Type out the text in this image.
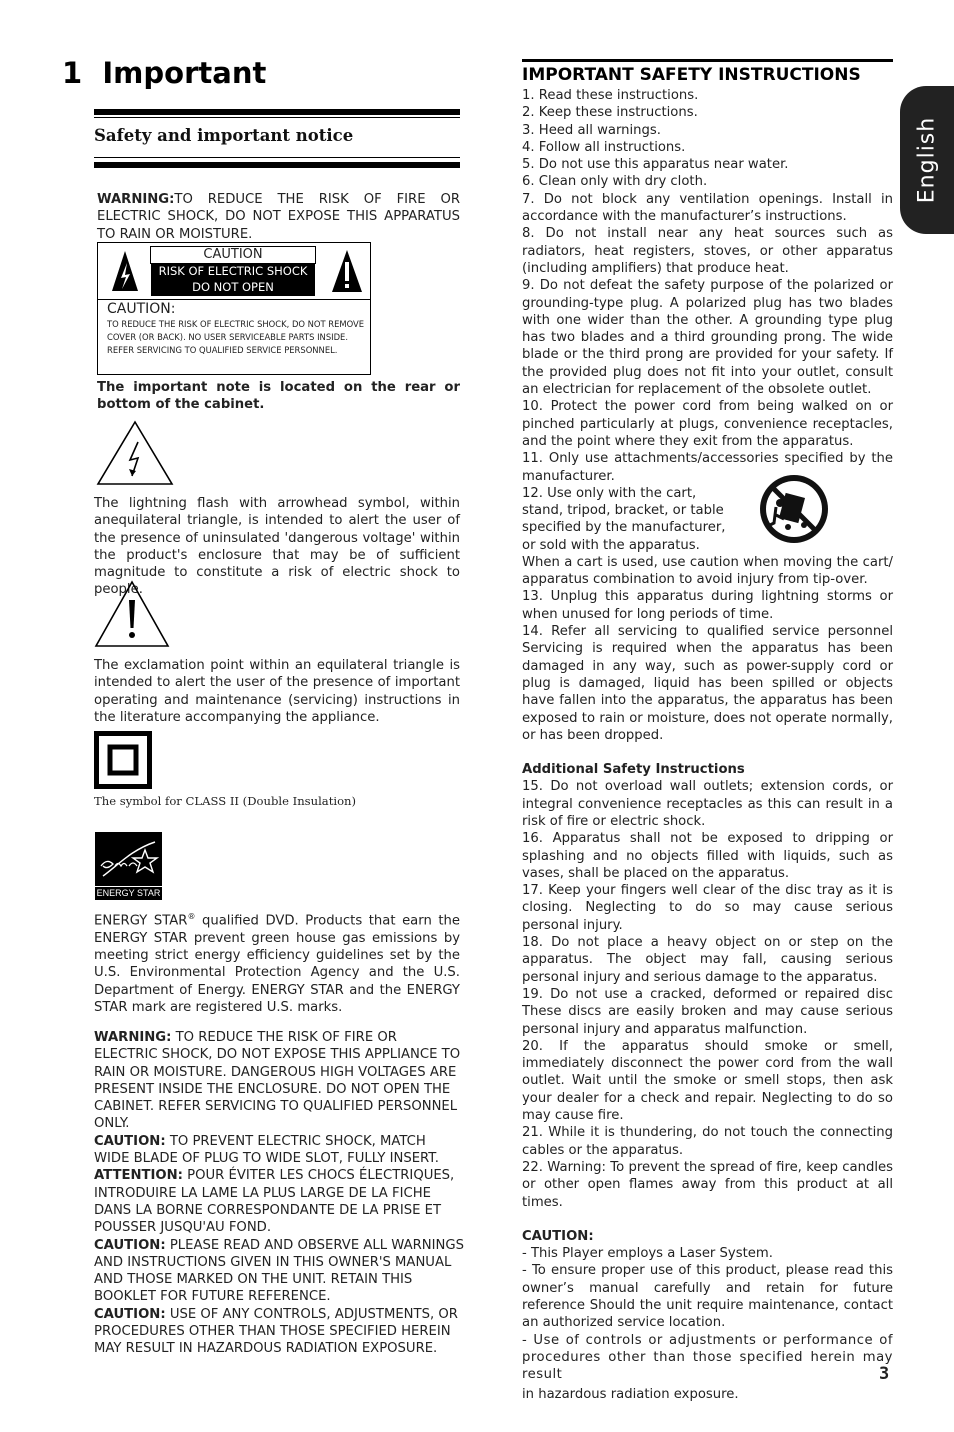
1 Important
Safety and important notice
WARNING:TO REDUCE THE RISK OF FIRE OR ELECTRIC SHOCK, DO NOT EXPOSE THIS APPARATUS TO RAIN OR MOISTURE.
CAUTION
RISK OF ELECTRIC SHOCK
DO NOT OPEN
CAUTION:
TO REDUCE THE RISK OF ELECTRIC SHOCK, DO NOT REMOVE COVER (OR BACK). NO USER SERVICEABLE PARTS INSIDE. REFER SERVICING TO QUALIFIED SERVICE PERSONNEL.
The important note is located on the rear or bottom of the cabinet.
The lightning flash with arrowhead symbol, within anequilateral triangle, is intended to alert the user of the presence of uninsulated 'dangerous voltage' within the product's enclosure that may be of sufficient magnitude to constitute a risk of electric shock to people.
The exclamation point within an equilateral triangle is intended to alert the user of the presence of important operating and maintenance (servicing) instructions in the literature accompanying the appliance.
The symbol for CLASS II (Double Insulation)
ENERGY STAR
ENERGY STAR® qualified DVD. Products that earn the ENERGY STAR prevent green house gas emissions by meeting strict energy efficiency guidelines set by the U.S. Environmental Protection Agency and the U.S. Department of Energy. ENERGY STAR and the ENERGY STAR mark are registered U.S. marks.
WARNING: TO REDUCE THE RISK OF FIRE OR ELECTRIC SHOCK, DO NOT EXPOSE THIS APPLIANCE TO RAIN OR MOISTURE. DANGEROUS HIGH VOLTAGES ARE PRESENT INSIDE THE ENCLOSURE. DO NOT OPEN THE CABINET. REFER SERVICING TO QUALIFIED PERSONNEL ONLY.
CAUTION: TO PREVENT ELECTRIC SHOCK, MATCH WIDE BLADE OF PLUG TO WIDE SLOT, FULLY INSERT.
ATTENTION: POUR ÉVITER LES CHOCS ÉLECTRIQUES, INTRODUIRE LA LAME LA PLUS LARGE DE LA FICHE DANS LA BORNE CORRESPONDANTE DE LA PRISE ET POUSSER JUSQU'AU FOND.
CAUTION: PLEASE READ AND OBSERVE ALL WARNINGS AND INSTRUCTIONS GIVEN IN THIS OWNER'S MANUAL AND THOSE MARKED ON THE UNIT. RETAIN THIS BOOKLET FOR FUTURE REFERENCE.
CAUTION: USE OF ANY CONTROLS, ADJUSTMENTS, OR PROCEDURES OTHER THAN THOSE SPECIFIED HEREIN MAY RESULT IN HAZARDOUS RADIATION EXPOSURE.
English
IMPORTANT SAFETY INSTRUCTIONS

1. Read these instructions.

2. Keep these instructions.

3. Heed all warnings.

4. Follow all instructions.

5. Do not use this apparatus near water.

6. Clean only with dry cloth.

7. Do not block any ventilation openings. Install in accordance with the manufacturer’s instructions.

8. Do not install near any heat sources such as radiators, heat registers, stoves, or other apparatus (including amplifiers) that produce heat.

9. Do not defeat the safety purpose of the polarized or grounding-type plug. A polarized plug has two blades with one wider than the other. A grounding type plug has two blades and a third grounding prong. The wide blade or the third prong are provided for your safety. If the provided plug does not fit into your outlet, consult an electrician for replacement of the obsolete outlet.

10. Protect the power cord from being walked on or pinched particularly at plugs, convenience receptacles, and the point where they exit from the apparatus.

11. Only use attachments/accessories specified by the manufacturer.

12. Use only with the cart,
stand, tripod, bracket, or table
specified by the manufacturer,
or sold with the apparatus.

When a cart is used, use caution when moving the cart/ apparatus combination to avoid injury from tip-over.

13. Unplug this apparatus during lightning storms or when unused for long periods of time.

14. Refer all servicing to qualified service personnel Servicing is required when the apparatus has been damaged in any way, such as power-supply cord or plug is damaged, liquid has been spilled or objects have fallen into the apparatus, the apparatus has been exposed to rain or moisture, does not operate normally, or has been dropped.

Additional Safety Instructions

15. Do not overload wall outlets; extension cords, or integral convenience receptacles as this can result in a risk of fire or electric shock.

16. Apparatus shall not be exposed to dripping or splashing and no objects filled with liquids, such as vases, shall be placed on the apparatus.

17. Keep your fingers well clear of the disc tray as it is closing. Neglecting to do so may cause serious personal injury.

18. Do not place a heavy object on or step on the apparatus. The object may fall, causing serious personal injury and serious damage to the apparatus.

19. Do not use a cracked, deformed or repaired disc These discs are easily broken and may cause serious personal injury and apparatus malfunction.

20. If the apparatus should smoke or smell, immediately disconnect the power cord from the wall outlet. Wait until the smoke or smell stops, then ask your dealer for a check and repair. Neglecting to do so may cause fire.

21. While it is thundering, do not touch the connecting cables or the apparatus.

22. Warning: To prevent the spread of fire, keep candles or other open flames away from this product at all times.

CAUTION:

- This Player employs a Laser System.

- To ensure proper use of this product, please read this owner’s manual carefully and retain for future reference Should the unit require maintenance, contact an authorized service location.

- Use of controls or adjustments or performance of procedures other than those specified herein may result

in hazardous radiation exposure.

3
